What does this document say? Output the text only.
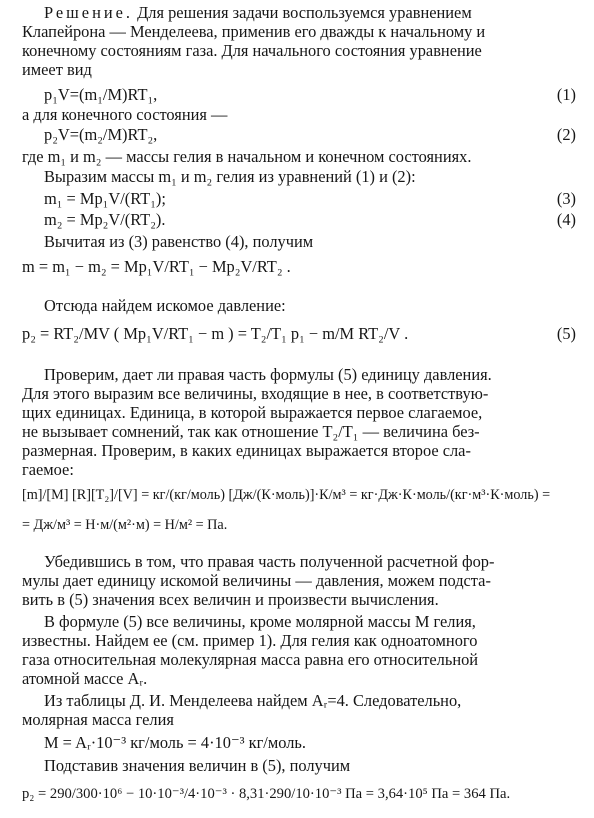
Решение. Для решения задачи воспользуемся уравнением
Клапейрона — Менделеева, применив его дважды к начальному и
конечному состояниям газа. Для начального состояния уравнение
имеет вид
p₁V=(m₁/M)RT₁,	(1)
а для конечного состояния —
p₂V=(m₂/M)RT₂,	(2)
где m₁ и m₂ — массы гелия в начальном и конечном состояниях.
Выразим массы m₁ и m₂ гелия из уравнений (1) и (2):
m₁ = Mp₁V/(RT₁);	(3)
m₂ = Mp₂V/(RT₂).	(4)
Вычитая из (3) равенство (4), получим
m = m₁ − m₂ = Mp₁V/RT₁ − Mp₂V/RT₂ .
Отсюда найдем искомое давление:
p₂ = RT₂/MV ( Mp₁V/RT₁ − m ) = T₂/T₁ p₁ − m/M RT₂/V .	(5)
Проверим, дает ли правая часть формулы (5) единицу давления.
Для этого выразим все величины, входящие в нее, в соответствую-
щих единицах. Единица, в которой выражается первое слагаемое,
не вызывает сомнений, так как отношение T₂/T₁ — величина без-
размерная. Проверим, в каких единицах выражается второе сла-
гаемое:
[m]/[M] [R][T₂]/[V] = кг/(кг/моль) [Дж/(К·моль)]·К/м³ = кг·Дж·К·моль/(кг·м³·К·моль) =
= Дж/м³ = Н·м/(м²·м) = Н/м² = Па.
Убедившись в том, что правая часть полученной расчетной фор-
мулы дает единицу искомой величины — давления, можем подста-
вить в (5) значения всех величин и произвести вычисления.
В формуле (5) все величины, кроме молярной массы M гелия,
известны. Найдем ее (см. пример 1). Для гелия как одноатомного
газа относительная молекулярная масса равна его относительной
атомной массе Aᵣ.
Из таблицы Д. И. Менделеева найдем Aᵣ=4. Следовательно,
молярная масса гелия
M = Aᵣ·10⁻³ кг/моль = 4·10⁻³ кг/моль.
Подставив значения величин в (5), получим
p₂ = 290/300·10⁶ − 10·10⁻³/4·10⁻³ · 8,31·290/10·10⁻³ Па = 3,64·10⁵ Па = 364 Па.
